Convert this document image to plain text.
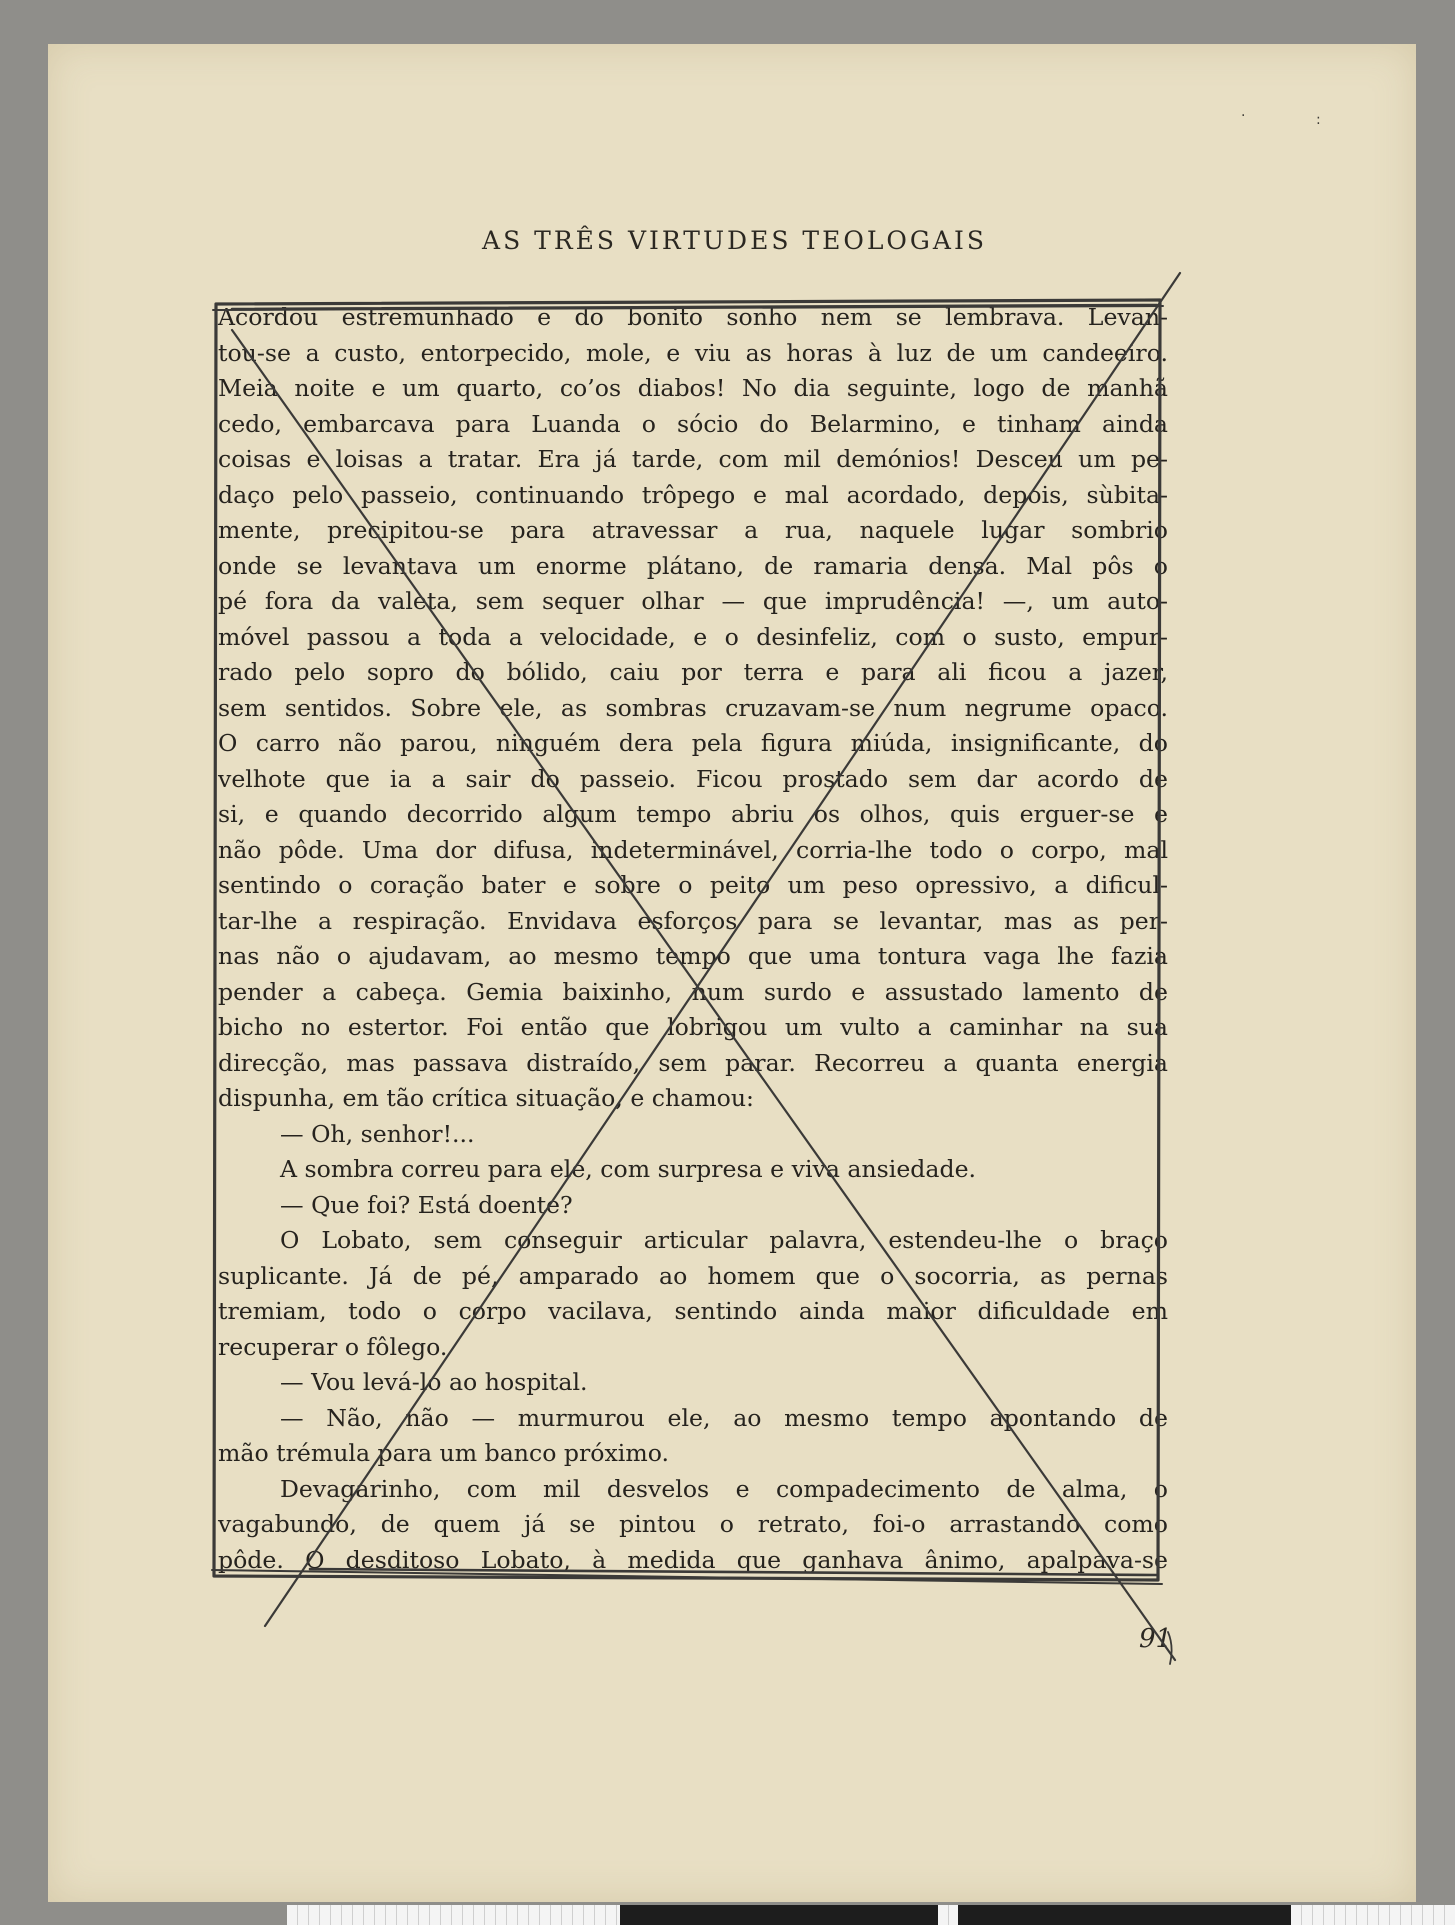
·	:
AS TRÊS VIRTUDES TEOLOGAIS
Acordou estremunhado e do bonito sonho nem se lembrava. Levan-
tou-se a custo, entorpecido, mole, e viu as horas à luz de um candeeiro.
Meia noite e um quarto, co’os diabos! No dia seguinte, logo de manhã
cedo, embarcava para Luanda o sócio do Belarmino, e tinham ainda
coisas e loisas a tratar. Era já tarde, com mil demónios! Desceu um pe-
daço pelo passeio, continuando trôpego e mal acordado, depois, sùbita-
mente, precipitou-se para atravessar a rua, naquele lugar sombrio
onde se levantava um enorme plátano, de ramaria densa. Mal pôs o
pé fora da valeta, sem sequer olhar — que imprudência! —, um auto-
móvel passou a toda a velocidade, e o desinfeliz, com o susto, empur-
rado pelo sopro do bólido, caiu por terra e para ali ficou a jazer,
sem sentidos. Sobre ele, as sombras cruzavam-se num negrume opaco.
O carro não parou, ninguém dera pela figura miúda, insignificante, do
velhote que ia a sair do passeio. Ficou prostado sem dar acordo de
si, e quando decorrido algum tempo abriu os olhos, quis erguer-se e
não pôde. Uma dor difusa, indeterminável, corria-lhe todo o corpo, mal
sentindo o coração bater e sobre o peito um peso opressivo, a dificul-
tar-lhe a respiração. Envidava esforços para se levantar, mas as per-
nas não o ajudavam, ao mesmo tempo que uma tontura vaga lhe fazia
pender a cabeça. Gemia baixinho, num surdo e assustado lamento de
bicho no estertor. Foi então que lobrigou um vulto a caminhar na sua
direcção, mas passava distraído, sem parar. Recorreu a quanta energia
dispunha, em tão crítica situação, e chamou:
— Oh, senhor!...
A sombra correu para ele, com surpresa e viva ansiedade.
— Que foi? Está doente?
O Lobato, sem conseguir articular palavra, estendeu-lhe o braço
suplicante. Já de pé, amparado ao homem que o socorria, as pernas
tremiam, todo o corpo vacilava, sentindo ainda maior dificuldade em
recuperar o fôlego.
— Vou levá-lo ao hospital.
— Não, não — murmurou ele, ao mesmo tempo apontando de
mão trémula para um banco próximo.
Devagarinho, com mil desvelos e compadecimento de alma, o
vagabundo, de quem já se pintou o retrato, foi-o arrastando como
pôde. O desditoso Lobato, à medida que ganhava ânimo, apalpava-se
91
